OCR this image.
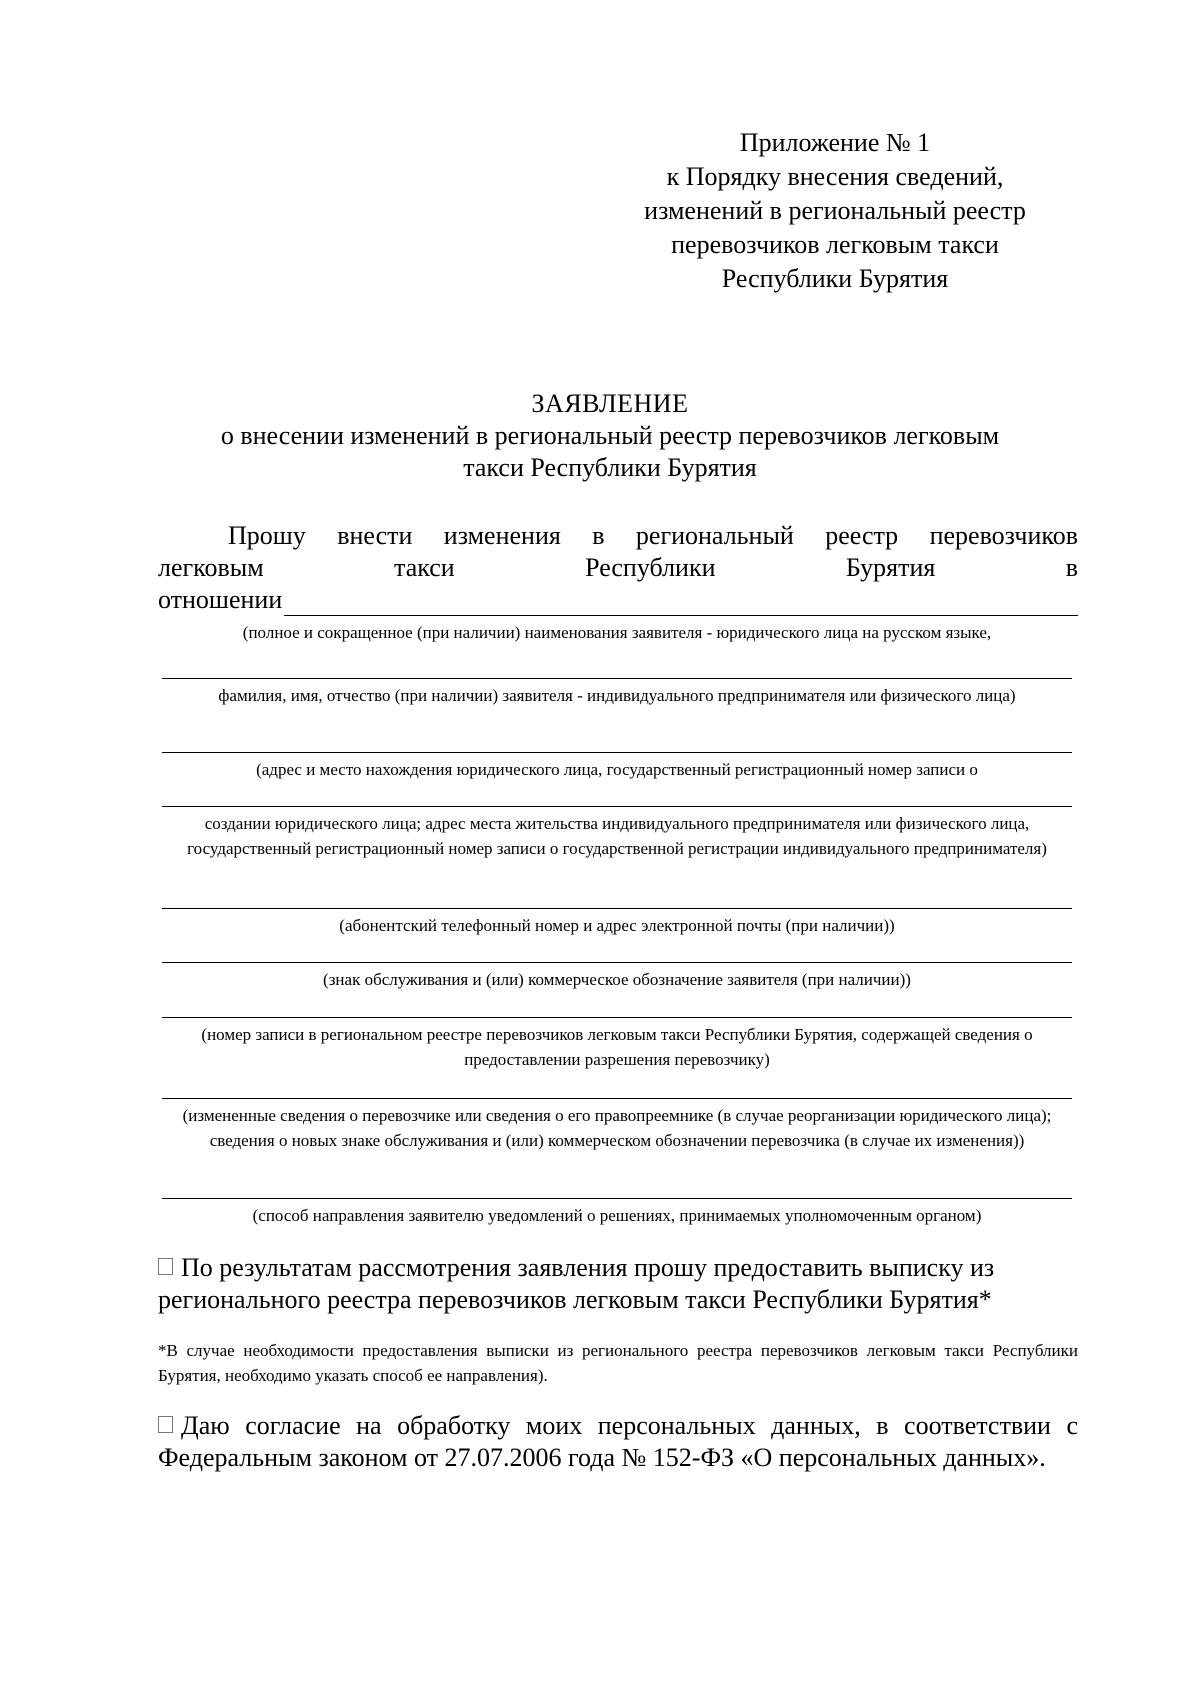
Приложение № 1
к Порядку внесения сведений,
изменений в региональный реестр
перевозчиков легковым такси
Республики Бурятия
ЗАЯВЛЕНИЕ
о внесении изменений в региональный реестр перевозчиков легковым
такси Республики Бурятия
Прошу внести изменения в региональный реестр перевозчиков
легковым такси Республики Бурятия в
отношении
(полное и сокращенное (при наличии) наименования заявителя - юридического лица на русском языке,
фамилия, имя, отчество (при наличии) заявителя - индивидуального предпринимателя или физического лица)
(адрес и место нахождения юридического лица, государственный регистрационный номер записи о
создании юридического лица; адрес места жительства индивидуального предпринимателя или физического лица, государственный регистрационный номер записи о государственной регистрации индивидуального предпринимателя)
(абонентский телефонный номер и адрес электронной почты (при наличии))
(знак обслуживания и (или) коммерческое обозначение заявителя (при наличии))
(номер записи в региональном реестре перевозчиков легковым такси Республики Бурятия, содержащей сведения о предоставлении разрешения перевозчику)
(измененные сведения о перевозчике или сведения о его правопреемнике (в случае реорганизации юридического лица); сведения о новых знаке обслуживания и (или) коммерческом обозначении перевозчика (в случае их изменения))
(способ направления заявителю уведомлений о решениях, принимаемых уполномоченным органом)
По результатам рассмотрения заявления прошу предоставить выписку из регионального реестра перевозчиков легковым такси Республики Бурятия*
*В случае необходимости предоставления выписки из регионального реестра перевозчиков легковым такси Республики Бурятия, необходимо указать способ ее направления).
Даю согласие на обработку моих персональных данных, в соответствии с Федеральным законом от 27.07.2006 года № 152-ФЗ «О персональных данных».
